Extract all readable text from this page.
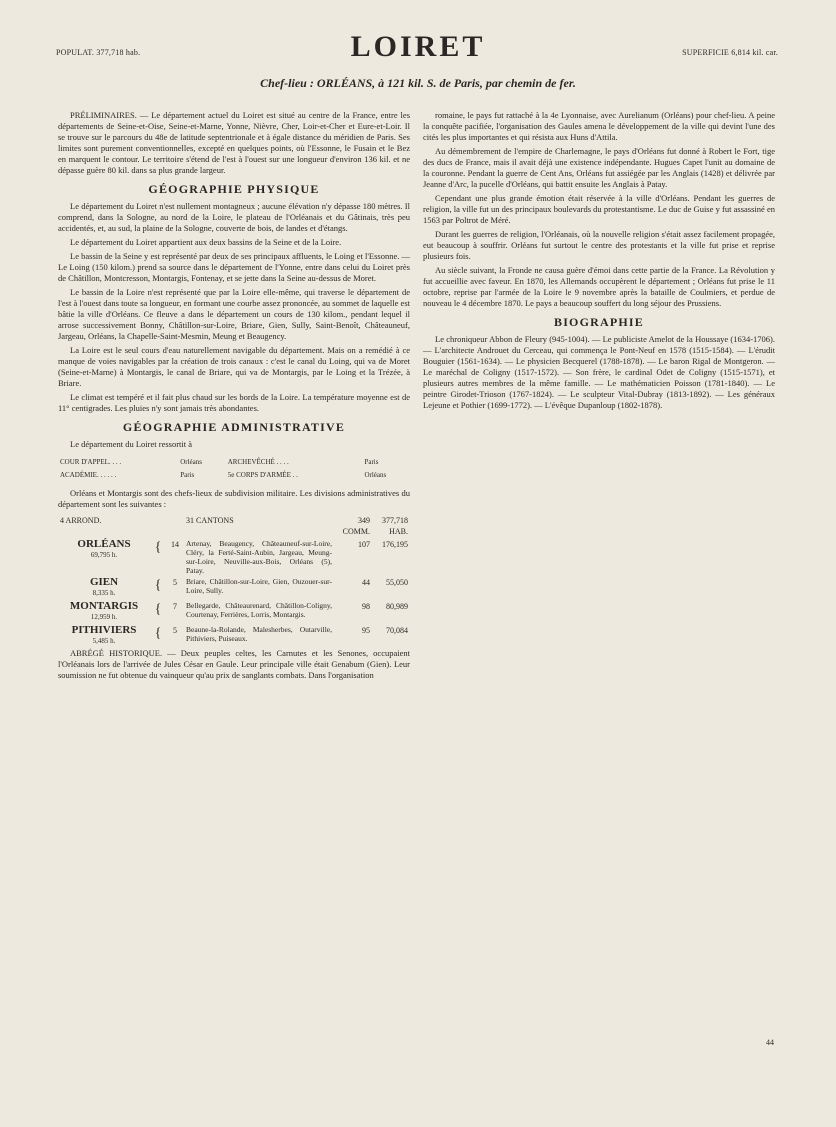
POPULAT. 377,718 hab.	LOIRET	SUPERFICIE 6,814 kil. car.
Chef-lieu : ORLÉANS, à 121 kil. S. de Paris, par chemin de fer.

PRÉLIMINAIRES. — Le département actuel du Loiret est situé au centre de la France, entre les départements de Seine-et-Oise, Seine-et-Marne, Yonne, Nièvre, Cher, Loir-et-Cher et Eure-et-Loir. Il se trouve sur le parcours du 48e de latitude septentrionale et à égale distance du méridien de Paris. Ses limites sont purement conventionnelles, excepté en quelques points, où l'Essonne, le Fusain et le Bez en marquent le contour. Le territoire s'étend de l'est à l'ouest sur une longueur d'environ 136 kil. et ne dépasse guère 80 kil. dans sa plus grande largeur.

GÉOGRAPHIE PHYSIQUE

Le département du Loiret n'est nullement montagneux ; aucune élévation n'y dépasse 180 mètres. Il comprend, dans la Sologne, au nord de la Loire, le plateau de l'Orléanais et du Gâtinais, très peu accidentés, et, au sud, la plaine de la Sologne, couverte de bois, de landes et d'étangs.

Le département du Loiret appartient aux deux bassins de la Seine et de la Loire.

Le bassin de la Seine y est représenté par deux de ses principaux affluents, le Loing et l'Essonne. — Le Loing (150 kilom.) prend sa source dans le département de l'Yonne, entre dans celui du Loiret près de Châtillon, Montcresson, Montargis, Fontenay, et se jette dans la Seine au-dessus de Moret.

Le bassin de la Loire n'est représenté que par la Loire elle-même, qui traverse le département de l'est à l'ouest dans toute sa longueur, en formant une courbe assez prononcée, au sommet de laquelle est bâtie la ville d'Orléans. Ce fleuve a dans le département un cours de 130 kilom., pendant lequel il arrose successivement Bonny, Châtillon-sur-Loire, Briare, Gien, Sully, Saint-Benoît, Châteauneuf, Jargeau, Orléans, la Chapelle-Saint-Mesmin, Meung et Beaugency.

La Loire est le seul cours d'eau naturellement navigable du département. Mais on a remédié à ce manque de voies navigables par la création de trois canaux : c'est le canal du Loing, qui va de Moret (Seine-et-Marne) à Montargis, le canal de Briare, qui va de Montargis, par le Loing et la Trézée, à Briare.

Le climat est tempéré et il fait plus chaud sur les bords de la Loire. La température moyenne est de 11° centigrades. Les pluies n'y sont jamais très abondantes.

GÉOGRAPHIE ADMINISTRATIVE

Le département du Loiret ressortit à

COUR D'APPEL. . . .	Orléans	ARCHEVÊCHÉ . . . .	Paris
ACADÉMIE. . . . . .	Paris	5e CORPS D'ARMÉE . .	Orléans

Orléans et Montargis sont des chefs-lieux de subdivision militaire. Les divisions administratives du département sont les suivantes :

4 ARROND.			31 CANTONS	349 COMM.	377,718 HAB.
ORLÉANS
69,795 h.	{	14	Artenay, Beaugency, Châteauneuf-sur-Loire, Cléry, la Ferté-Saint-Aubin, Jargeau, Meung-sur-Loire, Neuville-aux-Bois, Orléans (5), Patay.	107	176,195
GIEN
8,335 h.	{	5	Briare, Châtillon-sur-Loire, Gien, Ouzouer-sur-Loire, Sully.	44	55,050
MONTARGIS
12,959 h.	{	7	Bellegarde, Châteaurenard, Châtillon-Coligny, Courtenay, Ferrières, Lorris, Montargis.	98	80,989
PITHIVIERS
5,485 h.	{	5	Beaune-la-Rolande, Malesherbes, Outarville, Pithiviers, Puiseaux.	95	70,084

ABRÉGÉ HISTORIQUE. — Deux peuples celtes, les Carnutes et les Senones, occupaient l'Orléanais lors de l'arrivée de Jules César en Gaule. Leur principale ville était Genabum (Gien). Leur soumission ne fut obtenue du vainqueur qu'au prix de sanglants combats. Dans l'organisation

romaine, le pays fut rattaché à la 4e Lyonnaise, avec Aurelianum (Orléans) pour chef-lieu. A peine la conquête pacifiée, l'organisation des Gaules amena le développement de la ville qui devint l'une des cités les plus importantes et qui résista aux Huns d'Attila.

Au démembrement de l'empire de Charlemagne, le pays d'Orléans fut donné à Robert le Fort, tige des ducs de France, mais il avait déjà une existence indépendante. Hugues Capet l'unit au domaine de la couronne. Pendant la guerre de Cent Ans, Orléans fut assiégée par les Anglais (1428) et délivrée par Jeanne d'Arc, la pucelle d'Orléans, qui battit ensuite les Anglais à Patay.

Cependant une plus grande émotion était réservée à la ville d'Orléans. Pendant les guerres de religion, la ville fut un des principaux boulevards du protestantisme. Le duc de Guise y fut assassiné en 1563 par Poltrot de Méré.

Durant les guerres de religion, l'Orléanais, où la nouvelle religion s'était assez facilement propagée, eut beaucoup à souffrir. Orléans fut surtout le centre des protestants et la ville fut prise et reprise plusieurs fois.

Au siècle suivant, la Fronde ne causa guère d'émoi dans cette partie de la France. La Révolution y fut accueillie avec faveur. En 1870, les Allemands occupèrent le département ; Orléans fut prise le 11 octobre, reprise par l'armée de la Loire le 9 novembre après la bataille de Coulmiers, et perdue de nouveau le 4 décembre 1870. Le pays a beaucoup souffert du long séjour des Prussiens.

BIOGRAPHIE

Le chroniqueur Abbon de Fleury (945-1004). — Le publiciste Amelot de la Houssaye (1634-1706). — L'architecte Androuet du Cerceau, qui commença le Pont-Neuf en 1578 (1515-1584). — L'érudit Bouguier (1561-1634). — Le physicien Becquerel (1788-1878). — Le baron Rigal de Montgeron. — Le maréchal de Coligny (1517-1572). — Son frère, le cardinal Odet de Coligny (1515-1571), et plusieurs autres membres de la même famille. — Le mathématicien Poisson (1781-1840). — Le peintre Girodet-Trioson (1767-1824). — Le sculpteur Vital-Dubray (1813-1892). — Les généraux Lejeune et Pothier (1699-1772). — L'évêque Dupanloup (1802-1878).

44
